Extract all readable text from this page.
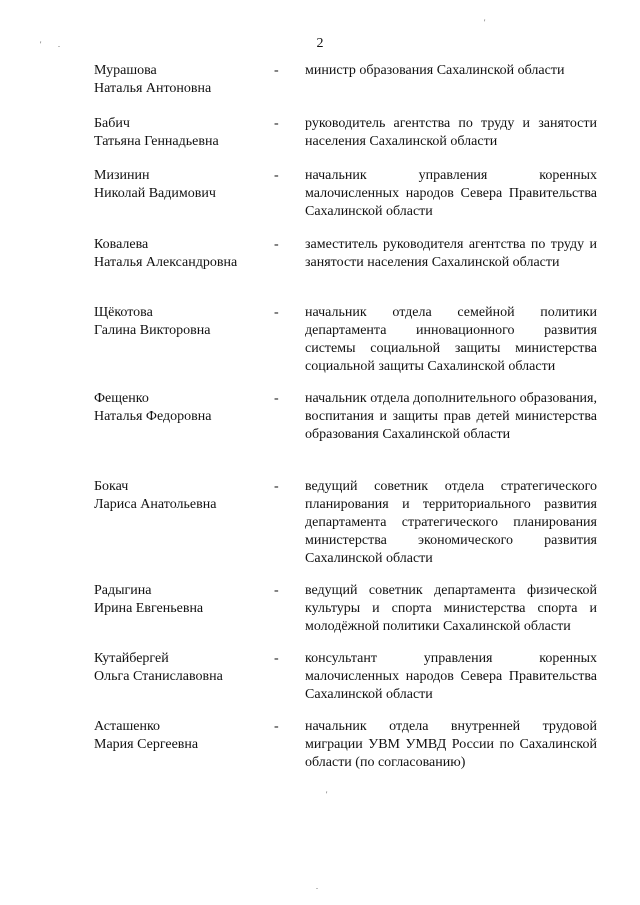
2
' .
'
'
.
Мурашова
Наталья Антоновна
- министр образования Сахалинской области
Бабич
Татьяна Геннадьевна
- руководитель агентства по труду и занятости населения Сахалинской области
Мизинин
Николай Вадимович
- начальник управления коренных малочисленных народов Севера Правительства Сахалинской области
Ковалева
Наталья Александровна
- заместитель руководителя агентства по труду и занятости населения Сахалинской области
Щёкотова
Галина Викторовна
- начальник отдела семейной политики департамента инновационного развития системы социальной защиты министерства социальной защиты Сахалинской области
Фещенко
Наталья Федоровна
- начальник отдела дополнительного образования, воспитания и защиты прав детей министерства образования Сахалинской области
Бокач
Лариса Анатольевна
- ведущий советник отдела стратегического планирования и территориального развития департамента стратегического планирования министерства экономического развития Сахалинской области
Радыгина
Ирина Евгеньевна
- ведущий советник департамента физической культуры и спорта министерства спорта и молодёжной политики Сахалинской области
Кутайбергей
Ольга Станиславовна
- консультант управления коренных малочисленных народов Севера Правительства Сахалинской области
Асташенко
Мария Сергеевна
- начальник отдела внутренней трудовой миграции УВМ УМВД России по Сахалинской области (по согласованию)
